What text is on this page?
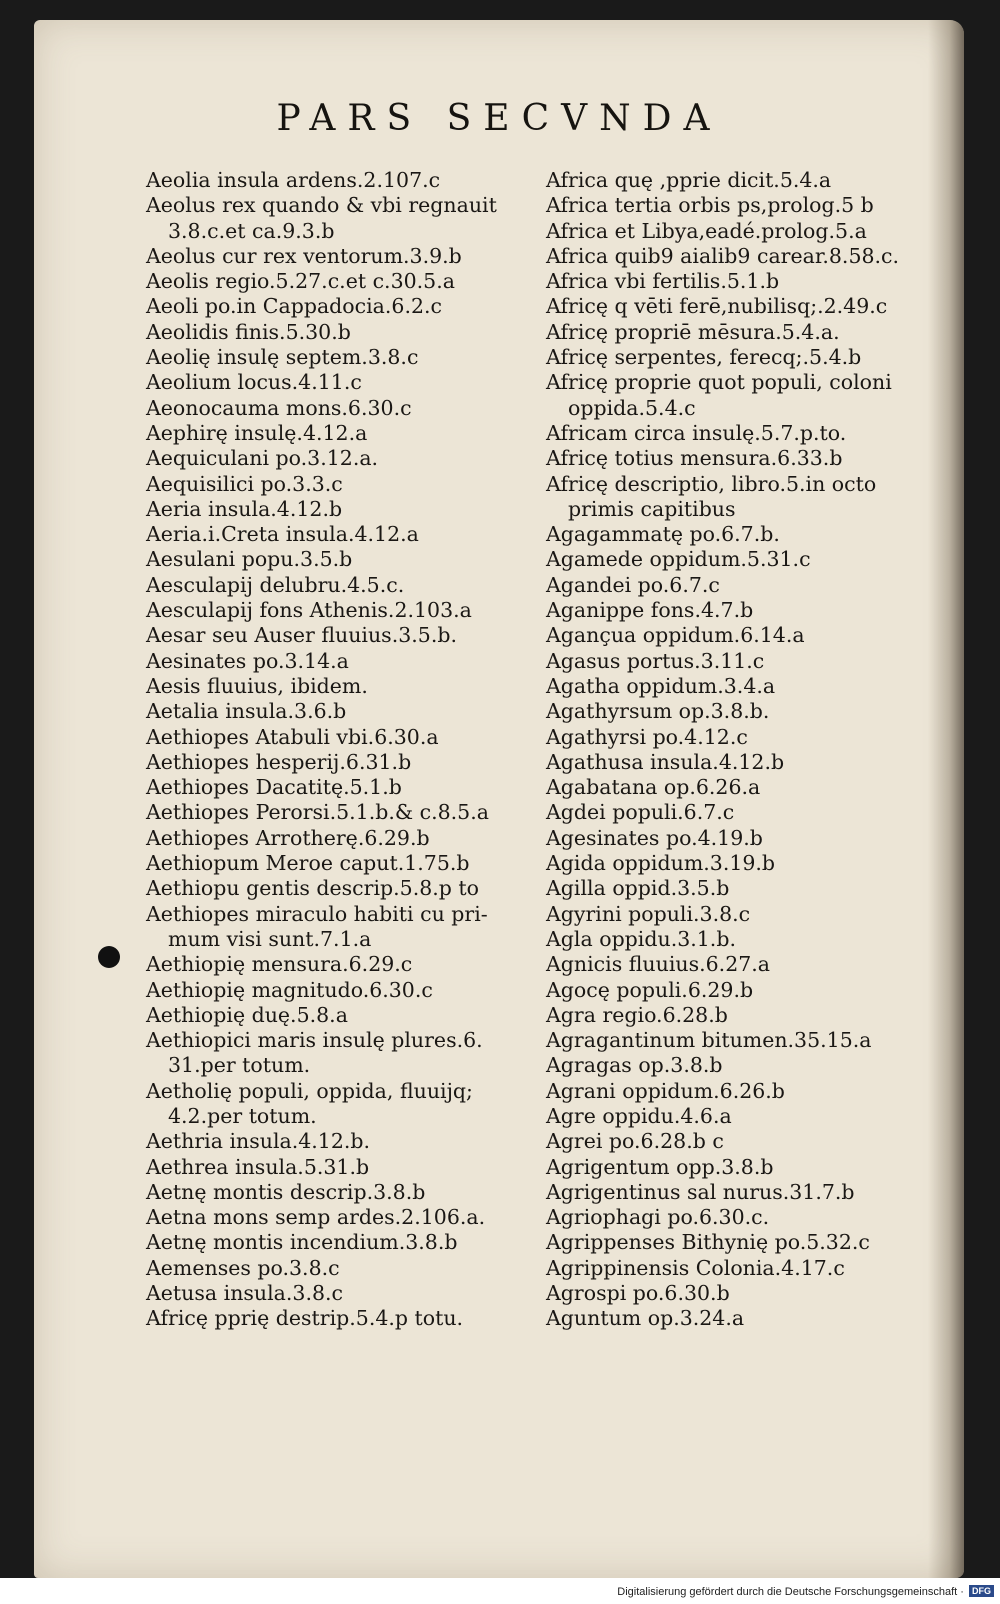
PARS SECVNDA

Aeolia insula ardens.2.107.c

Aeolus rex quando & vbi regnauit
3.8.c.et ca.9.3.b

Aeolus cur rex ventorum.3.9.b

Aeolis regio.5.27.c.et c.30.5.a

Aeoli po.in Cappadocia.6.2.c

Aeolidis finis.5.30.b

Aeolię insulę septem.3.8.c

Aeolium locus.4.11.c

Aeonocauma mons.6.30.c

Aephirę insulę.4.12.a

Aequiculani po.3.12.a.

Aequisilici po.3.3.c

Aeria insula.4.12.b

Aeria.i.Creta insula.4.12.a

Aesulani popu.3.5.b

Aesculapij delubru.4.5.c.

Aesculapij fons Athenis.2.103.a

Aesar seu Auser fluuius.3.5.b.

Aesinates po.3.14.a

Aesis fluuius, ibidem.

Aetalia insula.3.6.b

Aethiopes Atabuli vbi.6.30.a

Aethiopes hesperij.6.31.b

Aethiopes Dacatitę.5.1.b

Aethiopes Perorsi.5.1.b.& c.8.5.a

Aethiopes Arrotherę.6.29.b

Aethiopum Meroe caput.1.75.b

Aethiopu gentis descrip.5.8.p to

Aethiopes miraculo habiti cu pri-
mum visi sunt.7.1.a

Aethiopię mensura.6.29.c

Aethiopię magnitudo.6.30.c

Aethiopię duę.5.8.a

Aethiopici maris insulę plures.6.
31.per totum.

Aetholię populi, oppida, fluuijq;
4.2.per totum.

Aethria insula.4.12.b.

Aethrea insula.5.31.b

Aetnę montis descrip.3.8.b

Aetna mons semp ardes.2.106.a.

Aetnę montis incendium.3.8.b

Aemenses po.3.8.c

Aetusa insula.3.8.c

Africę pprię destrip.5.4.p totu.

Africa quę ,pprie dicit.5.4.a

Africa tertia orbis ps,prolog.5 b

Africa et Libya,eadé.prolog.5.a

Africa quib9 aialib9 carear.8.58.c.

Africa vbi fertilis.5.1.b

Africę q vēti ferē,nubilisq;.2.49.c

Africę propriē mēsura.5.4.a.

Africę serpentes, ferecq;.5.4.b

Africę proprie quot populi, coloni
oppida.5.4.c

Africam circa insulę.5.7.p.to.

Africę totius mensura.6.33.b

Africę descriptio, libro.5.in octo
primis capitibus

Agagammatę po.6.7.b.

Agamede oppidum.5.31.c

Agandei po.6.7.c

Aganippe fons.4.7.b

Agançua oppidum.6.14.a

Agasus portus.3.11.c

Agatha oppidum.3.4.a

Agathyrsum op.3.8.b.

Agathyrsi po.4.12.c

Agathusa insula.4.12.b

Agabatana op.6.26.a

Agdei populi.6.7.c

Agesinates po.4.19.b

Agida oppidum.3.19.b

Agilla oppid.3.5.b

Agyrini populi.3.8.c

Agla oppidu.3.1.b.

Agnicis fluuius.6.27.a

Agocę populi.6.29.b

Agra regio.6.28.b

Agragantinum bitumen.35.15.a

Agragas op.3.8.b

Agrani oppidum.6.26.b

Agre oppidu.4.6.a

Agrei po.6.28.b c

Agrigentum opp.3.8.b

Agrigentinus sal nurus.31.7.b

Agriophagi po.6.30.c.

Agrippenses Bithynię po.5.32.c

Agrippinensis Colonia.4.17.c

Agrospi po.6.30.b

Aguntum op.3.24.a

Digitalisierung gefördert durch die Deutsche Forschungsgemeinschaft · DFG
